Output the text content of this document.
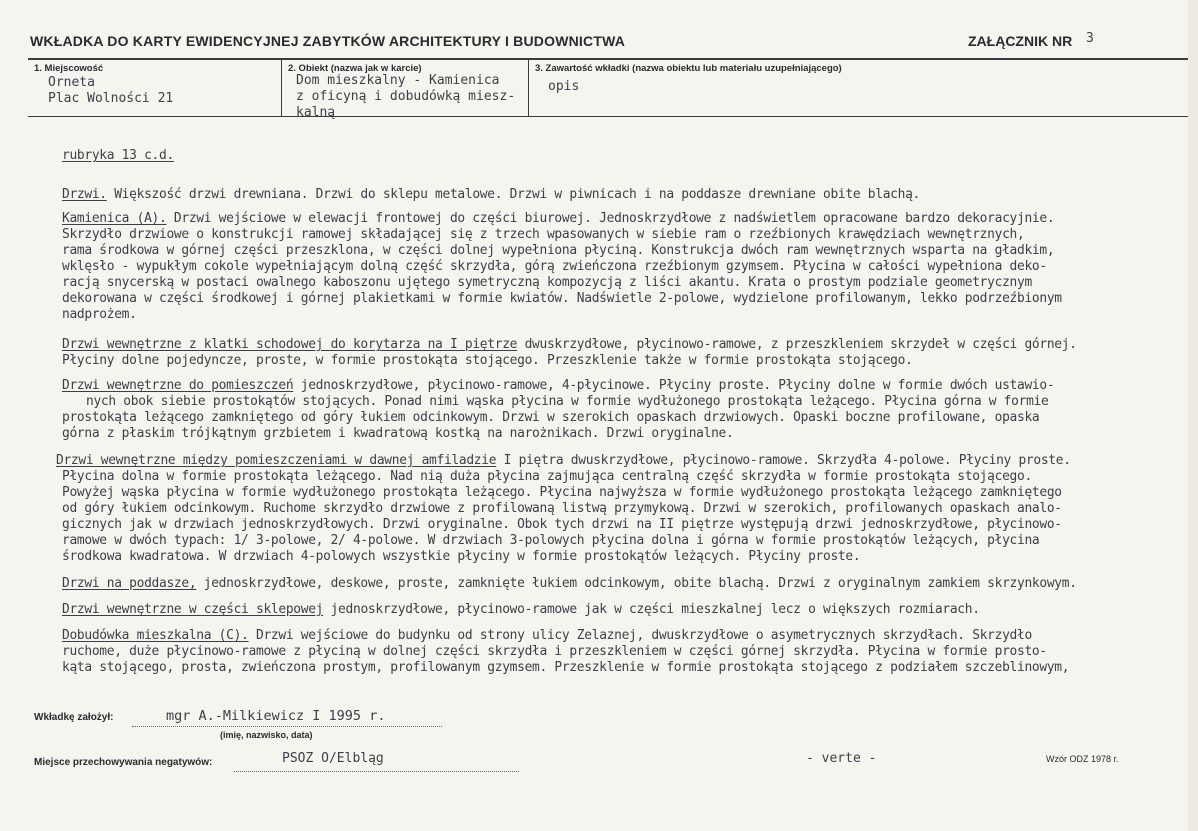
WKŁADKA DO KARTY EWIDENCYJNEJ ZABYTKÓW ARCHITEKTURY I BUDOWNICTWA	ZAŁĄCZNIK NR 3
1. Miejscowość
Orneta
Plac Wolności 21
2. Obiekt (nazwa jak w karcie)
Dom mieszkalny - Kamienica
z oficyną i dobudówką miesz-
kalną
3. Zawartość wkładki (nazwa obiektu lub materiału uzupełniającego)
opis
rubryka 13 c.d.
Drzwi. Większość drzwi drewniana. Drzwi do sklepu metalowe. Drzwi w piwnicach i na poddasze drewniane obite blachą.
Kamienica (A). Drzwi wejściowe w elewacji frontowej do części biurowej. Jednoskrzydłowe z nadświetlem opracowane bardzo dekoracyjnie.
Skrzydło drzwiowe o konstrukcji ramowej składającej się z trzech wpasowanych w siebie ram o rzeźbionych krawędziach wewnętrznych,
rama środkowa w górnej części przeszklona, w części dolnej wypełniona płyciną. Konstrukcja dwóch ram wewnętrznych wsparta na gładkim,
wklęsło - wypukłym cokole wypełniającym dolną część skrzydła, górą zwieńczona rzeźbionym gzymsem. Płycina w całości wypełniona deko-
racją snycerską w postaci owalnego kaboszonu ujętego symetryczną kompozycją z liści akantu. Krata o prostym podziale geometrycznym
dekorowana w części środkowej i górnej plakietkami w formie kwiatów. Nadświetle 2-polowe, wydzielone profilowanym, lekko podrzeźbionym
nadprożem.
Drzwi wewnętrzne z klatki schodowej do korytarza na I piętrze dwuskrzydłowe, płycinowo-ramowe, z przeszkleniem skrzydeł w części górnej.
Płyciny dolne pojedyncze, proste, w formie prostokąta stojącego. Przeszklenie także w formie prostokąta stojącego.
Drzwi wewnętrzne do pomieszczeń jednoskrzydłowe, płycinowo-ramowe, 4-płycinowe. Płyciny proste. Płyciny dolne w formie dwóch ustawio-
nych obok siebie prostokątów stojących. Ponad nimi wąska płycina w formie wydłużonego prostokąta leżącego. Płycina górna w formie
prostokąta leżącego zamkniętego od góry łukiem odcinkowym. Drzwi w szerokich opaskach drzwiowych. Opaski boczne profilowane, opaska
górna z płaskim trójkątnym grzbietem i kwadratową kostką na narożnikach. Drzwi oryginalne.
Drzwi wewnętrzne między pomieszczeniami w dawnej amfiladzie I piętra dwuskrzydłowe, płycinowo-ramowe. Skrzydła 4-polowe. Płyciny proste.
Płycina dolna w formie prostokąta leżącego. Nad nią duża płycina zajmująca centralną część skrzydła w formie prostokąta stojącego.
Powyżej wąska płycina w formie wydłużonego prostokąta leżącego. Płycina najwyższa w formie wydłużonego prostokąta leżącego zamkniętego
od góry łukiem odcinkowym. Ruchome skrzydło drzwiowe z profilowaną listwą przymykową. Drzwi w szerokich, profilowanych opaskach analo-
gicznych jak w drzwiach jednoskrzydłowych. Drzwi oryginalne. Obok tych drzwi na II piętrze występują drzwi jednoskrzydłowe, płycinowo-
ramowe w dwóch typach: 1/ 3-polowe, 2/ 4-polowe. W drzwiach 3-polowych płycina dolna i górna w formie prostokątów leżących, płycina
środkowa kwadratowa. W drzwiach 4-polowych wszystkie płyciny w formie prostokątów leżących. Płyciny proste.
Drzwi na poddasze, jednoskrzydłowe, deskowe, proste, zamknięte łukiem odcinkowym, obite blachą. Drzwi z oryginalnym zamkiem skrzynkowym.
Drzwi wewnętrzne w części sklepowej jednoskrzydłowe, płycinowo-ramowe jak w części mieszkalnej lecz o większych rozmiarach.
Dobudówka mieszkalna (C). Drzwi wejściowe do budynku od strony ulicy Zelaznej, dwuskrzydłowe o asymetrycznych skrzydłach. Skrzydło
ruchome, duże płycinowo-ramowe z płyciną w dolnej części skrzydła i przeszkleniem w części górnej skrzydła. Płycina w formie prosto-
kąta stojącego, prosta, zwieńczona prostym, profilowanym gzymsem. Przeszklenie w formie prostokąta stojącego z podziałem szczeblinowym,
Wkładkę założył:	mgr A.-Milkiewicz I 1995 r.
(imię, nazwisko, data)
Miejsce przechowywania negatywów:	PSOZ O/Elbląg	- verte -	Wzór ODZ 1978 r.
